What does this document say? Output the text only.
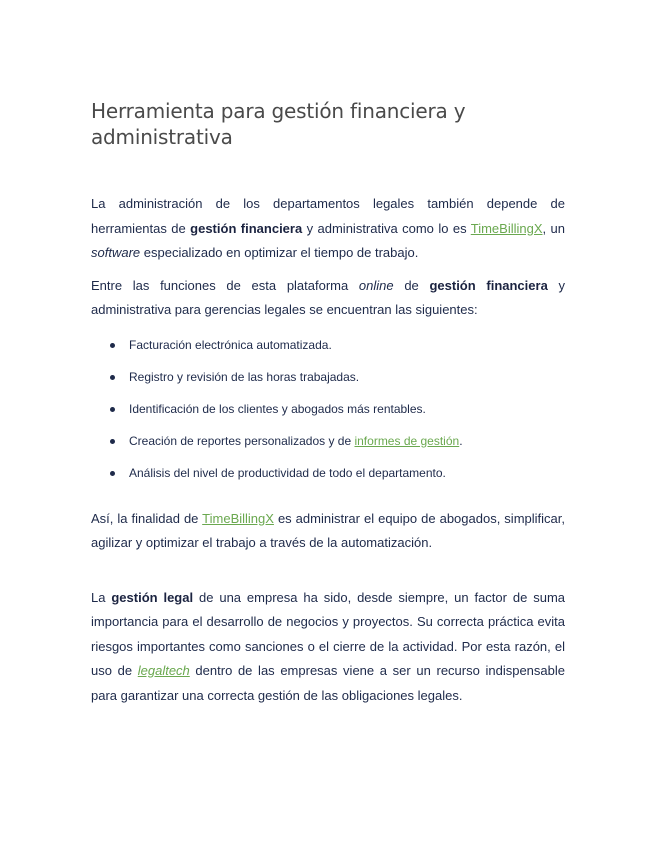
Herramienta para gestión financiera y administrativa

La administración de los departamentos legales también depende de herramientas de gestión financiera y administrativa como lo es TimeBillingX, un software especializado en optimizar el tiempo de trabajo.

Entre las funciones de esta plataforma online de gestión financiera y administrativa para gerencias legales se encuentran las siguientes:

Facturación electrónica automatizada.
Registro y revisión de las horas trabajadas.
Identificación de los clientes y abogados más rentables.
Creación de reportes personalizados y de informes de gestión.
Análisis del nivel de productividad de todo el departamento.

Así, la finalidad de TimeBillingX es administrar el equipo de abogados, simplificar, agilizar y optimizar el trabajo a través de la automatización.

La gestión legal de una empresa ha sido, desde siempre, un factor de suma importancia para el desarrollo de negocios y proyectos. Su correcta práctica evita riesgos importantes como sanciones o el cierre de la actividad. Por esta razón, el uso de legaltech dentro de las empresas viene a ser un recurso indispensable para garantizar una correcta gestión de las obligaciones legales.
